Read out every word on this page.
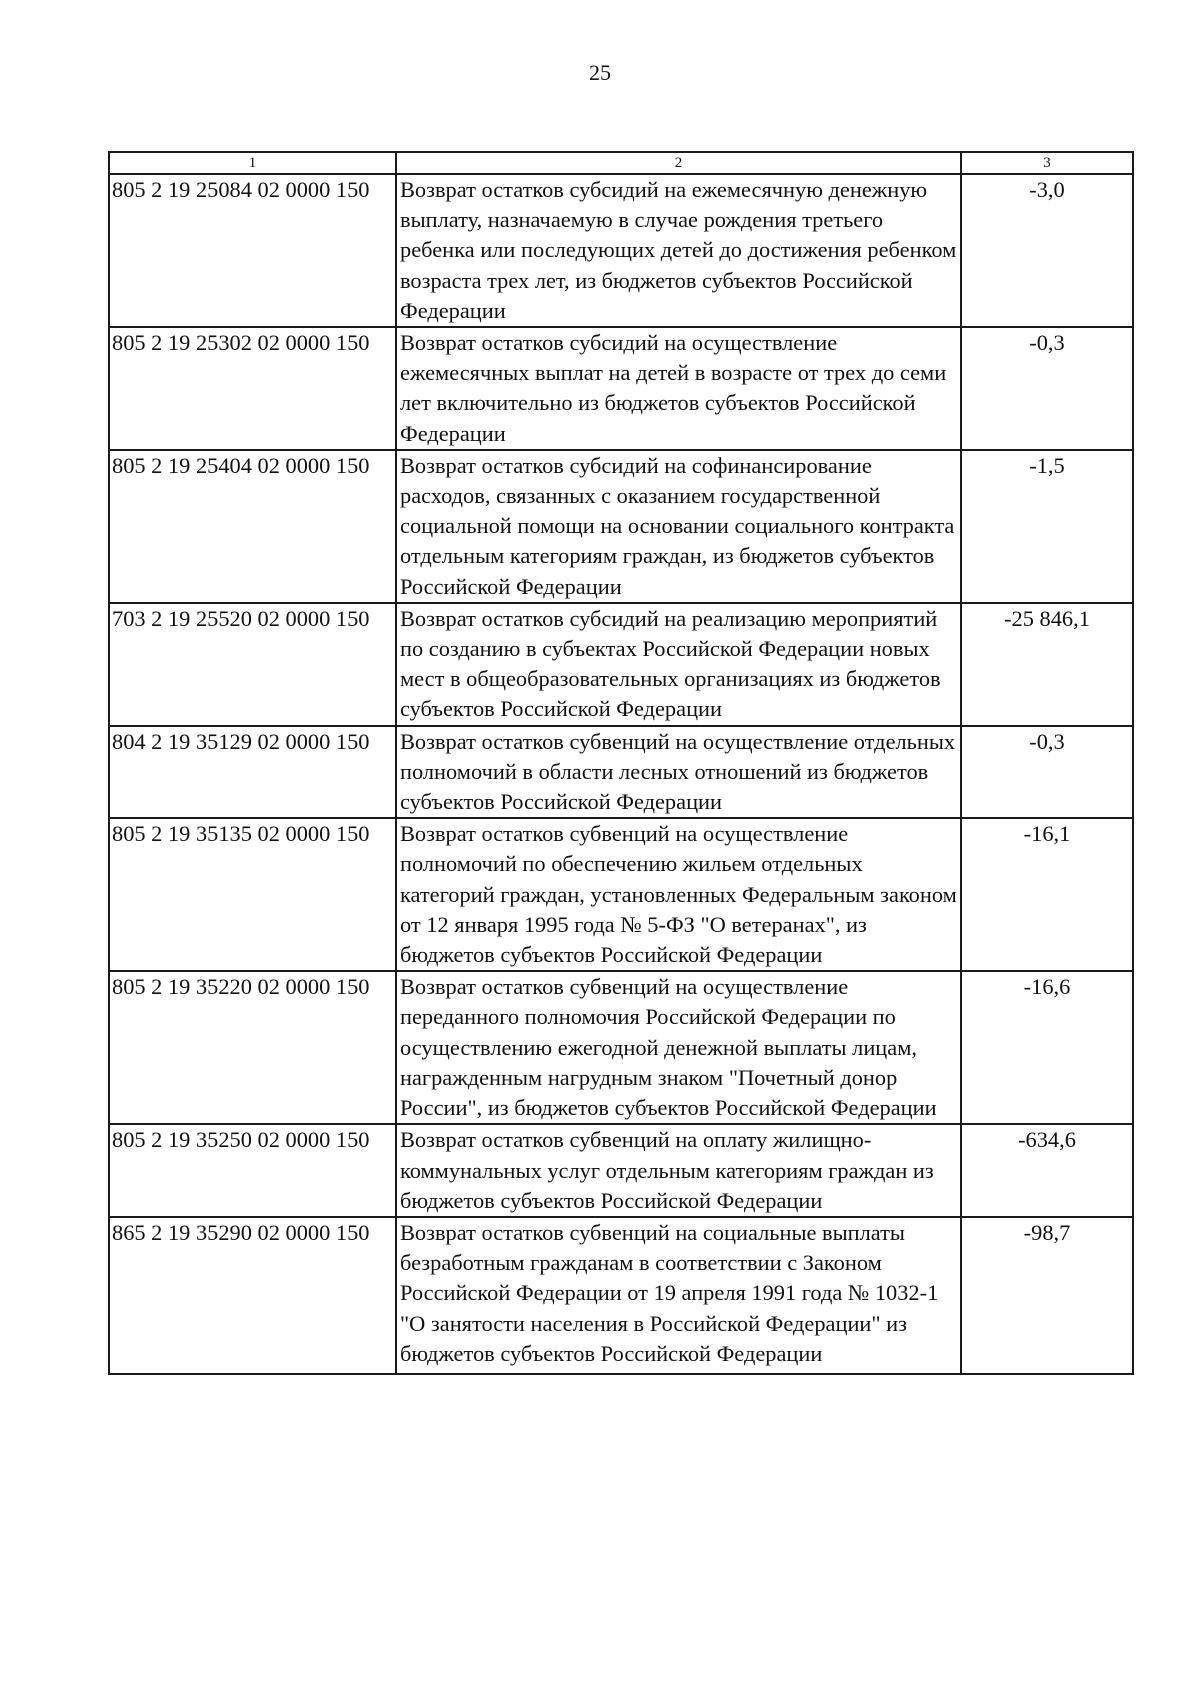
25
1	2	3
805 2 19 25084 02 0000 150	Возврат остатков субсидий на ежемесячную денежную выплату, назначаемую в случае рождения третьего ребенка или последующих детей до достижения ребенком возраста трех лет, из бюджетов субъектов Российской Федерации	-3,0
805 2 19 25302 02 0000 150	Возврат остатков субсидий на осуществление ежемесячных выплат на детей в возрасте от трех до семи лет включительно из бюджетов субъектов Российской Федерации	-0,3
805 2 19 25404 02 0000 150	Возврат остатков субсидий на софинансирование расходов, связанных с оказанием государственной социальной помощи на основании социального контракта отдельным категориям граждан, из бюджетов субъектов Российской Федерации	-1,5
703 2 19 25520 02 0000 150	Возврат остатков субсидий на реализацию мероприятий по созданию в субъектах Российской Федерации новых мест в общеобразовательных организациях из бюджетов субъектов Российской Федерации	-25 846,1
804 2 19 35129 02 0000 150	Возврат остатков субвенций на осуществление отдельных полномочий в области лесных отношений из бюджетов субъектов Российской Федерации	-0,3
805 2 19 35135 02 0000 150	Возврат остатков субвенций на осуществление полномочий по обеспечению жильем отдельных категорий граждан, установленных Федеральным законом от 12 января 1995 года № 5-ФЗ "О ветеранах", из бюджетов субъектов Российской Федерации	-16,1
805 2 19 35220 02 0000 150	Возврат остатков субвенций на осуществление переданного полномочия Российской Федерации по осуществлению ежегодной денежной выплаты лицам, награжденным нагрудным знаком "Почетный донор России", из бюджетов субъектов Российской Федерации	-16,6
805 2 19 35250 02 0000 150	Возврат остатков субвенций на оплату жилищно-коммунальных услуг отдельным категориям граждан из бюджетов субъектов Российской Федерации	-634,6
865 2 19 35290 02 0000 150	Возврат остатков субвенций на социальные выплаты безработным гражданам в соответствии с Законом Российской Федерации от 19 апреля 1991 года № 1032-1 "О занятости населения в Российской Федерации" из бюджетов субъектов Российской Федерации	-98,7
